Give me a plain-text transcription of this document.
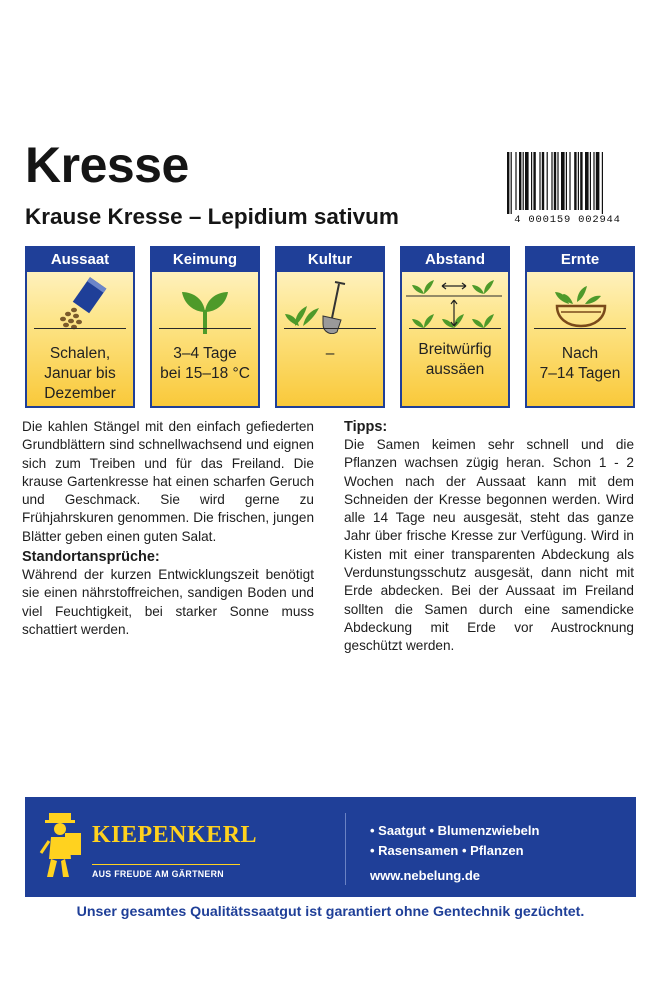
Kresse
Krause Kresse – Lepidium sativum	4 000159 002944
Aussaat
Schalen,
Januar bis
Dezember
Keimung
3–4 Tage
bei 15–18 °C
Kultur
–
Abstand
Breitwürfig
aussäen
Ernte
Nach
7–14 Tagen

Die kahlen Stängel mit den einfach gefiederten Grundblättern sind schnellwachsend und eignen sich zum Treiben und für das Freiland. Die krause Gartenkresse hat einen scharfen Geruch und Geschmack. Sie wird gerne zu Frühjahrskuren genommen. Die frischen, jungen Blätter geben einen guten Salat.

Standortansprüche:

Während der kurzen Entwicklungszeit benötigt sie einen nährstoffreichen, sandigen Boden und viel Feuchtigkeit, bei starker Sonne muss schattiert werden.

Tipps:

Die Samen keimen sehr schnell und die Pflanzen wachsen zügig heran. Schon 1 - 2 Wochen nach der Aussaat kann mit dem Schneiden der Kresse begonnen werden. Wird alle 14 Tage neu ausgesät, steht das ganze Jahr über frische Kresse zur Verfügung. Wird in Kisten mit einer transparenten Abdeckung als Verdunstungsschutz ausgesät, dann nicht mit Erde abdecken. Bei der Aussaat im Freiland sollten die Samen durch eine samendicke Abdeckung mit Erde vor Austrocknung geschützt werden.

KIEPENKERL
AUS FREUDE AM GÄRTNERN
• Saatgut • Blumenzwiebeln
• Rasensamen • Pflanzen
www.nebelung.de
Unser gesamtes Qualitätssaatgut ist garantiert ohne Gentechnik gezüchtet.
